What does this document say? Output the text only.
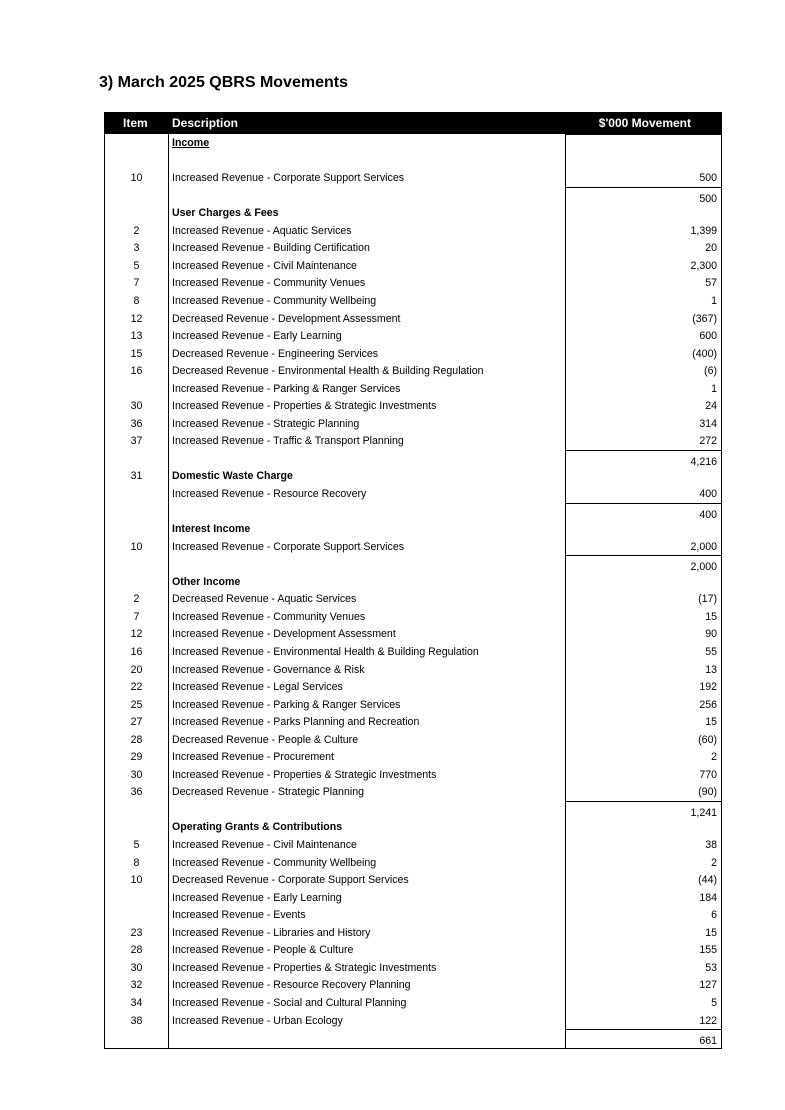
3) March 2025 QBRS Movements
Item Description	$'000 Movement
Income
10	Increased Revenue - Corporate Support Services	500
500
User Charges & Fees
2	Increased Revenue - Aquatic Services	1,399
3	Increased Revenue - Building Certification	20
5	Increased Revenue - Civil Maintenance	2,300
7	Increased Revenue - Community Venues	57
8	Increased Revenue - Community Wellbeing	1
12	Decreased Revenue - Development Assessment	(367)
13	Increased Revenue - Early Learning	600
15	Decreased Revenue - Engineering Services	(400)
16	Decreased Revenue - Environmental Health & Building Regulation	(6)
Increased Revenue - Parking & Ranger Services	1
30	Increased Revenue - Properties & Strategic Investments	24
36	Increased Revenue - Strategic Planning	314
37	Increased Revenue - Traffic & Transport Planning	272
4,216
31	Domestic Waste Charge
Increased Revenue - Resource Recovery	400
400
Interest Income
10	Increased Revenue - Corporate Support Services	2,000
2,000
Other Income
2	Decreased Revenue - Aquatic Services	(17)
7	Increased Revenue - Community Venues	15
12	Increased Revenue - Development Assessment	90
16	Increased Revenue - Environmental Health & Building Regulation	55
20	Increased Revenue - Governance & Risk	13
22	Increased Revenue - Legal Services	192
25	Increased Revenue - Parking & Ranger Services	256
27	Increased Revenue - Parks Planning and Recreation	15
28	Decreased Revenue - People & Culture	(60)
29	Increased Revenue - Procurement	2
30	Increased Revenue - Properties & Strategic Investments	770
36	Decreased Revenue - Strategic Planning	(90)
1,241
Operating Grants & Contributions
5	Increased Revenue - Civil Maintenance	38
8	Increased Revenue - Community Wellbeing	2
10	Decreased Revenue - Corporate Support Services	(44)
Increased Revenue - Early Learning	184
Increased Revenue - Events	6
23	Increased Revenue - Libraries and History	15
28	Increased Revenue - People & Culture	155
30	Increased Revenue - Properties & Strategic Investments	53
32	Increased Revenue - Resource Recovery Planning	127
34	Increased Revenue - Social and Cultural Planning	5
38	Increased Revenue - Urban Ecology	122
661
